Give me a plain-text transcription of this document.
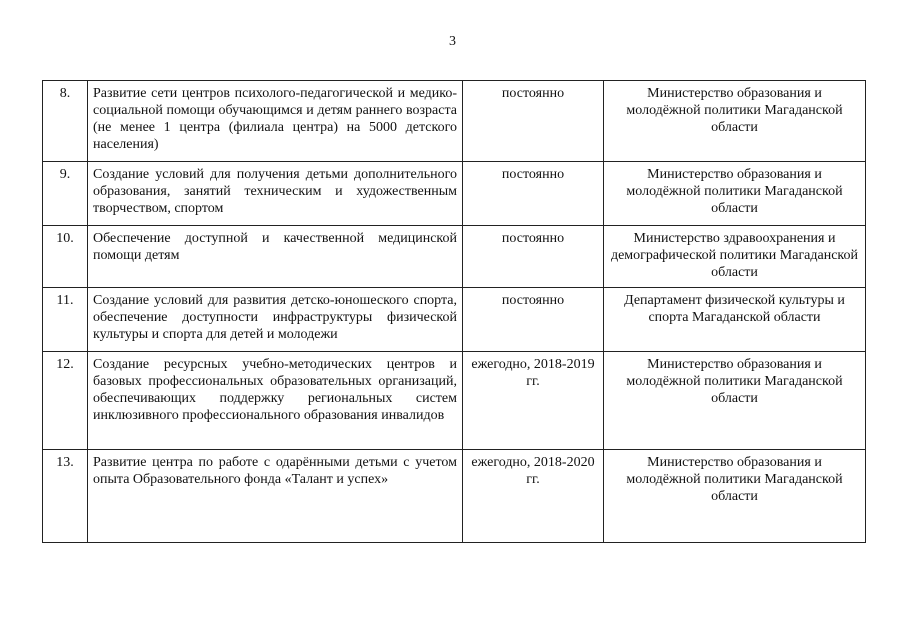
3
8.	Развитие сети центров психолого-педагогической и медико-социальной помощи обучающимся и детям раннего возраста (не менее 1 центра (филиала центра) на 5000 детского населения)	постоянно	Министерство образования и молодёжной политики Магаданской области
9.	Создание условий для получения детьми дополнительного образования, занятий техническим и художественным творчеством, спортом	постоянно	Министерство образования и молодёжной политики Магаданской области
10.	Обеспечение доступной и качественной медицинской помощи детям	постоянно	Министерство здравоохранения и демографической политики Магаданской области
11.	Создание условий для развития детско-юношеского спорта, обеспечение доступности инфраструктуры физической культуры и спорта для детей и молодежи	постоянно	Департамент физической культуры и спорта Магаданской области
12.	Создание ресурсных учебно-методических центров и базовых профессиональных образовательных организаций, обеспечивающих поддержку региональных систем инклюзивного профессионального образования инвалидов	ежегодно, 2018-2019 гг.	Министерство образования и молодёжной политики Магаданской области
13.	Развитие центра по работе с одарёнными детьми с учетом опыта Образовательного фонда «Талант и успех»	ежегодно, 2018-2020 гг.	Министерство образования и молодёжной политики Магаданской области
